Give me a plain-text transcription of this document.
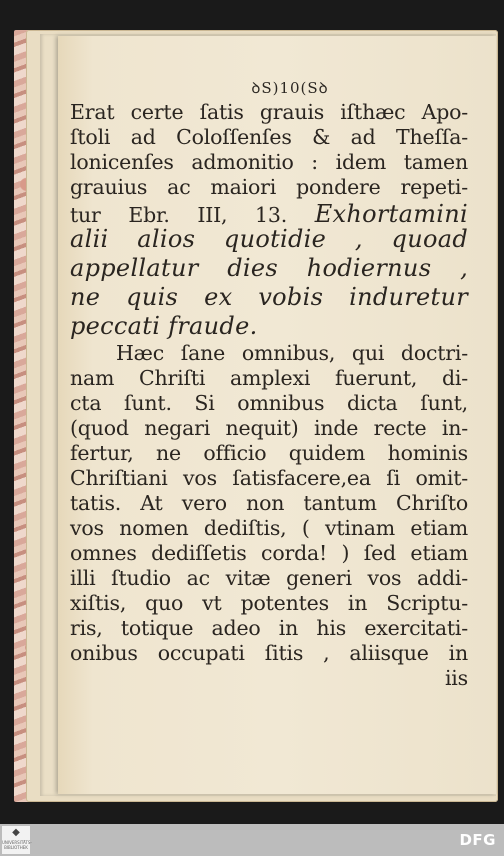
ꝺS)10(Sꝺ
Erat certe ſatis grauis iſthæc Apo-
ſtoli ad Coloſſenſes & ad Theſſa-
lonicenſes admonitio : idem tamen
grauius ac maiori pondere repeti-
tur Ebr. III, 13. Exhortamini
alii alios quotidie , quoad
appellatur dies hodiernus ,
ne quis ex vobis induretur
peccati fraude.
Hæc ſane omnibus, qui doctri-
nam Chriſti amplexi fuerunt, di-
cta ſunt. Si omnibus dicta ſunt,
(quod negari nequit) inde recte in-
fertur, ne officio quidem hominis
Chriſtiani vos ſatisfacere,ea ſi omit-
tatis. At vero non tantum Chriſto
vos nomen dediſtis, ( vtinam etiam
omnes dediſſetis corda! ) ſed etiam
illi ſtudio ac vitæ generi vos addi-
xiſtis, quo vt potentes in Scriptu-
ris, totique adeo in his exercitati-
onibus occupati ſitis , aliisque in
iis
◆
UNIVERSITÄTS-
BIBLIOTHEK	DFG
